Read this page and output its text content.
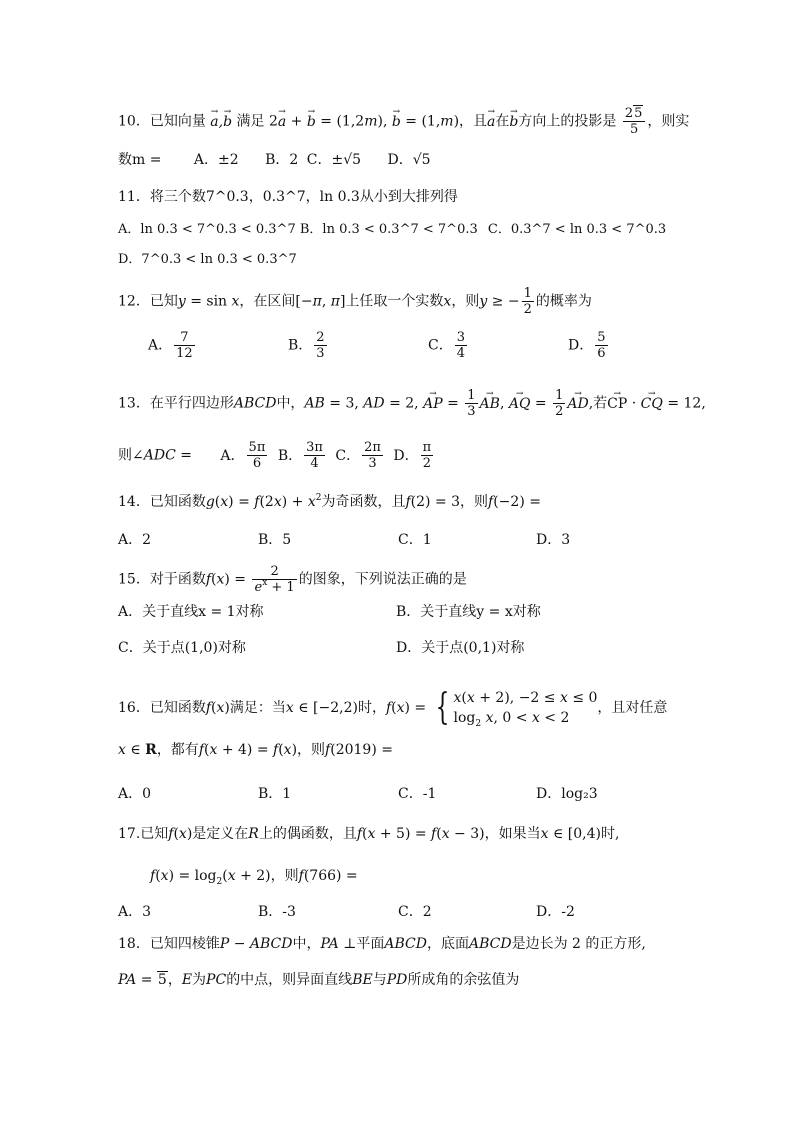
10．已知向量 → a,→ b 满足 2→ a + → b = (1,2m), → b = (1,m)，且→ a在→ b方向上的投影是 $\frac{25}{5}$ ，则实
数m = A．±2 B．2 C．±√5 D．√5
11．将三个数7^0.3，0.3^7，ln 0.3从小到大排列得
A．ln 0.3 < 7^0.3 < 0.3^7 B．ln 0.3 < 0.3^7 < 7^0.3 C．0.3^7 < ln 0.3 < 7^0.3
D．7^0.3 < ln 0.3 < 0.3^7
12．已知y = sin x，在区间[−π, π]上任取一个实数x，则y ≥ − $\frac{1}{2}$ 的概率为
A． $\frac{7}{12}$	B． $\frac{2}{3}$	C． $\frac{3}{4}$	D． $\frac{5}{6}$
13．在平行四边形ABCD中，AB = 3, AD = 2, → AP = $\frac{1}{3}$ → AB, → AQ = $\frac{1}{2}$ → AD,若→ CP · → CQ = 12,
则∠ADC = A． $\frac{5\pi}{6}$ B． $\frac{3\pi}{4}$ C． $\frac{2\pi}{3}$ D． $\frac{\pi}{2}$
14．已知函数$g(x) = f(2x) + x^2$为奇函数，且f(2) = 3，则f(−2) =
A．2	B．5	C．1	D．3
15．对于函数$f(x) = \frac{2}{e^x + 1}$ 的图象，下列说法正确的是
A．关于直线x = 1对称	B．关于直线y = x对称
C．关于点(1,0)对称	D．关于点(0,1)对称
16．已知函数f(x)满足：当x ∈ [−2,2)时，f(x) = { x(x + 2), −2 ≤ x ≤ 0
$\log_2 x$, 0 < x < 2
，且对任意
x ∈ R，都有f(x + 4) = f(x)，则f(2019) =
A．0	B．1	C．-1	D．log₂3
17.已知f(x)是定义在R上的偶函数，且f(x + 5) = f(x − 3)，如果当x ∈ [0,4)时,
$f(x) = \log_2(x + 2)$，则f(766) =
A．3	B．-3	C．2	D．-2
18．已知四棱锥P − ABCD中，PA ⊥平面ABCD，底面ABCD是边长为 2 的正方形,
PA = 5，E为PC的中点，则异面直线BE与PD所成角的余弦值为
